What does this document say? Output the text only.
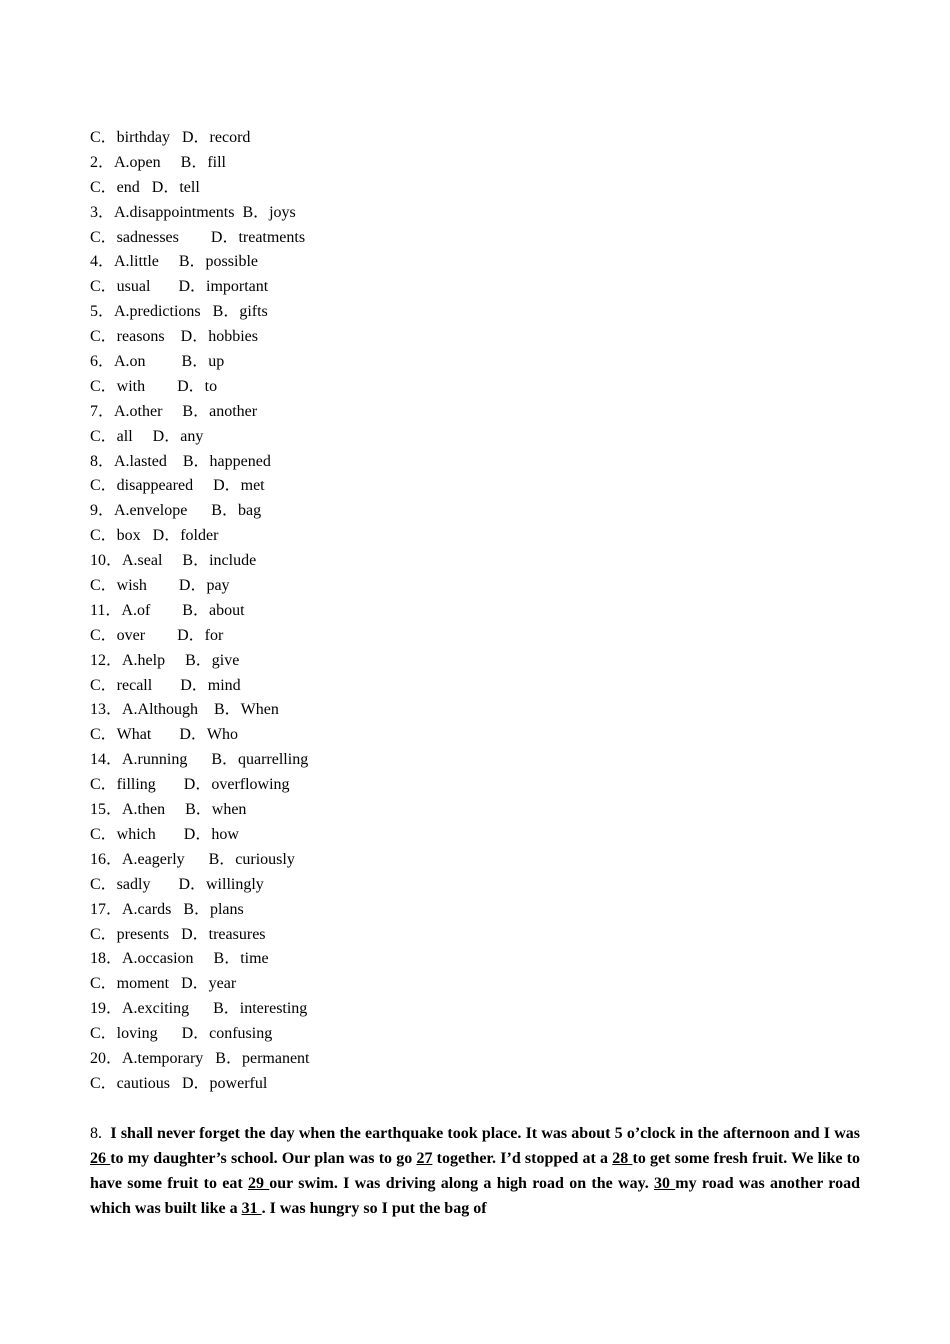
C．birthday   D．record
2．A.open     B．fill
C．end   D．tell
3．A.disappointments  B．joys
C．sadnesses        D．treatments
4．A.little     B．possible
C．usual       D．important
5．A.predictions   B．gifts
C．reasons    D．hobbies
6．A.on         B．up
C．with        D．to
7．A.other     B．another
C．all     D．any
8．A.lasted    B．happened
C．disappeared     D．met
9．A.envelope      B．bag
C．box   D．folder
10．A.seal     B．include
C．wish        D．pay
11．A.of        B．about
C．over        D．for
12．A.help     B．give
C．recall       D．mind
13．A.Although    B．When
C．What       D．Who
14．A.running      B．quarrelling
C．filling       D．overflowing
15．A.then     B．when
C．which       D．how
16．A.eagerly      B．curiously
C．sadly       D．willingly
17．A.cards   B．plans
C．presents   D．treasures
18．A.occasion     B．time
C．moment   D．year
19．A.exciting      B．interesting
C．loving      D．confusing
20．A.temporary   B．permanent
C．cautious   D．powerful
8. I shall never forget the day when the earthquake took place. It was about 5 o’clock in the afternoon and I was 26 to my daughter’s school. Our plan was to go 27 together. I’d stopped at a 28 to get some fresh fruit. We like to have some fruit to eat 29 our swim. I was driving along a high road on the way. 30 my road was another road which was built like a 31 . I was hungry so I put the bag of
